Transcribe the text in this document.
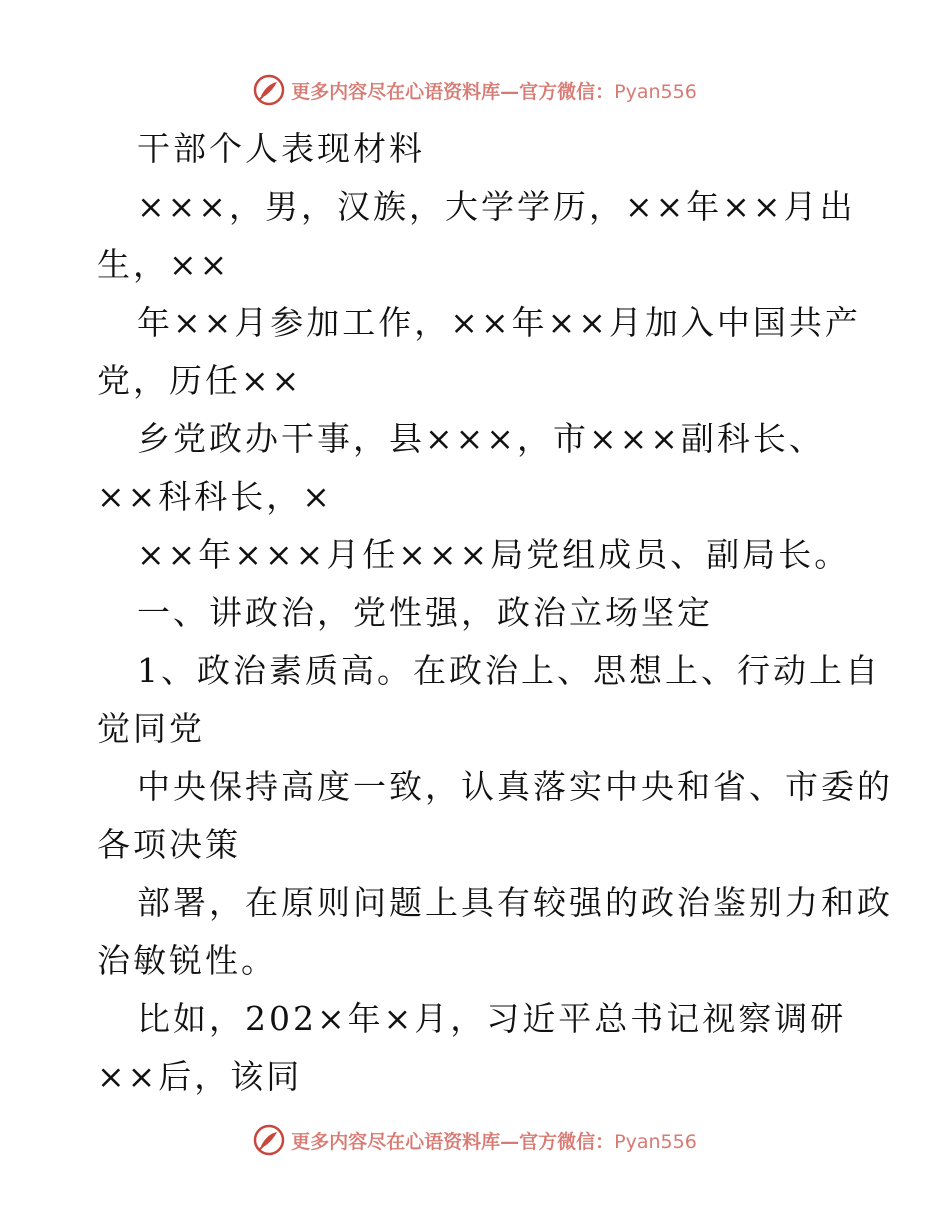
更多内容尽在心语资料库—官方微信：Pyan556
干部个人表现材料
×××，男，汉族，大学学历，××年××月出
生，××
年××月参加工作，××年××月加入中国共产
党，历任××
乡党政办干事，县×××，市×××副科长、
××科科长，×
××年×××月任×××局党组成员、副局长。
一、讲政治，党性强，政治立场坚定
1、政治素质高。在政治上、思想上、行动上自
觉同党
中央保持高度一致，认真落实中央和省、市委的
各项决策
部署，在原则问题上具有较强的政治鉴别力和政
治敏锐性。
比如，202×年×月，习近平总书记视察调研
××后，该同
更多内容尽在心语资料库—官方微信：Pyan556
